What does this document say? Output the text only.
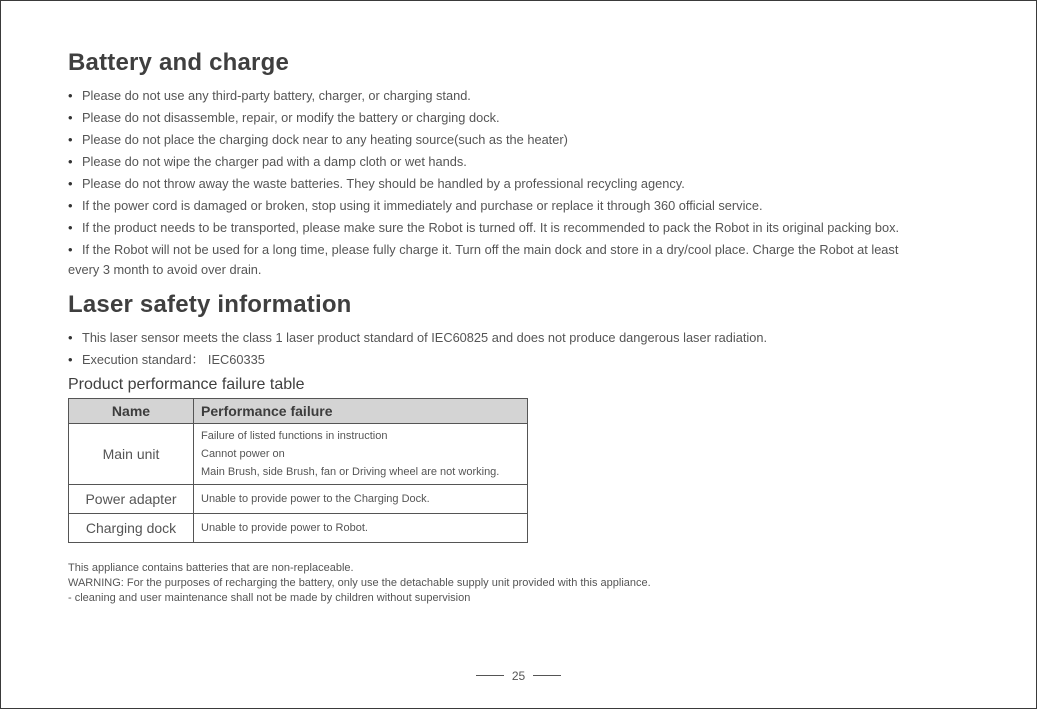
Battery and charge
• Please do not use any third-party battery, charger, or charging stand.
• Please do not disassemble, repair, or modify the battery or charging dock.
• Please do not place the charging dock near to any heating source(such as the heater)
• Please do not wipe the charger pad with a damp cloth or wet hands.
• Please do not throw away the waste batteries. They should be handled by a professional recycling agency.
• If the power cord is damaged or broken, stop using it immediately and purchase or replace it through 360 official service.
• If the product needs to be transported, please make sure the Robot is turned off. It is recommended to pack the Robot in its original packing box.
• If the Robot will not be used for a long time, please fully charge it. Turn off the main dock and store in a dry/cool place. Charge the Robot at least every 3 month to avoid over drain.
Laser safety information
• This laser sensor meets the class 1 laser product standard of IEC60825 and does not produce dangerous laser radiation.
• Execution standard： IEC60335
Product performance failure table
Name	Performance failure
Main unit	Failure of listed functions in instruction
Cannot power on
Main Brush, side Brush, fan or Driving wheel are not working.

Power adapter	Unable to provide power to the Charging Dock.

Charging dock	Unable to provide power to Robot.
This appliance contains batteries that are non-replaceable.
WARNING: For the purposes of recharging the battery, only use the detachable supply unit provided with this appliance.
- cleaning and user maintenance shall not be made by children without supervision
25
